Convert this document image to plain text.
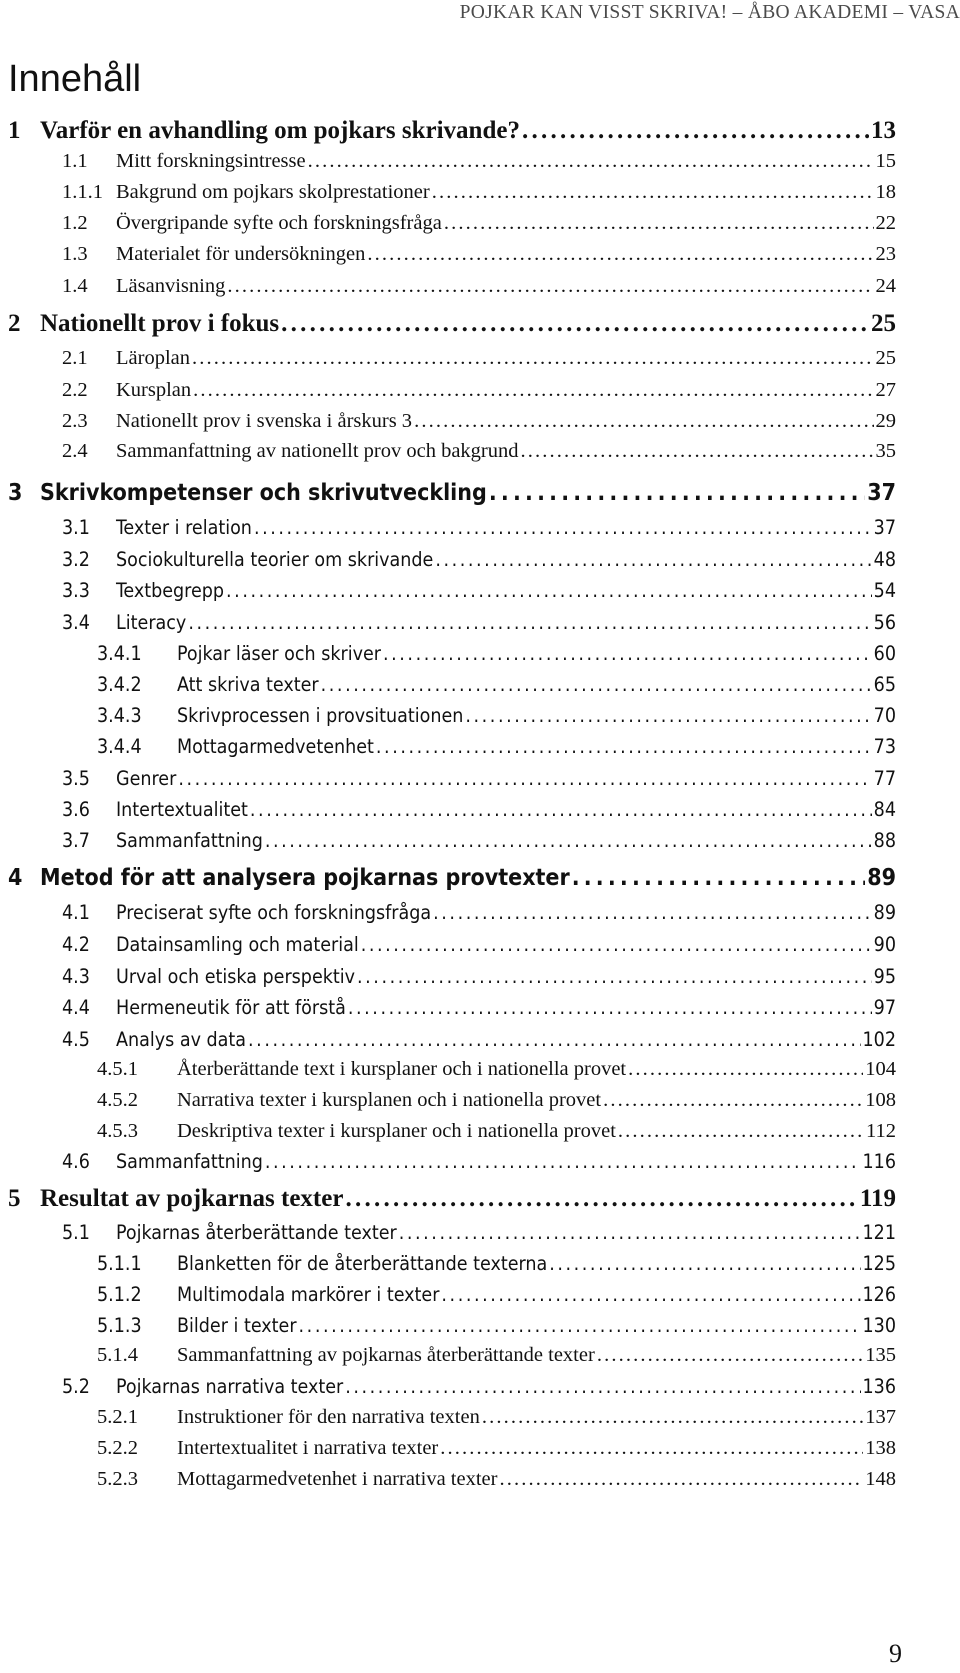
POJKAR KAN VISST SKRIVA! – ÅBO AKADEMI – VASA
Innehåll
1 Varför en avhandling om pojkars skrivande? . . .	13
1.1	Mitt forskningsintresse . . .	15
1.1.1 Bakgrund om pojkars skolprestationer . . .	18
1.2	Övergripande syfte och forskningsfråga . . .	22
1.3	Materialet för undersökningen . . .	23
1.4	Läsanvisning . . .	24
2 Nationellt prov i fokus . . .	25
2.1	Läroplan . . .	25
2.2	Kursplan . . .	27
2.3	Nationellt prov i svenska i årskurs 3 . . .	29
2.4	Sammanfattning av nationellt prov och bakgrund . . .	35
3 Skrivkompetenser och skrivutveckling . . .	37
3.1	Texter i relation . . .	37
3.2	Sociokulturella teorier om skrivande . . .	48
3.3	Textbegrepp . . .	54
3.4	Literacy . . .	56
3.4.1	Pojkar läser och skriver . . .	60
3.4.2	Att skriva texter . . .	65
3.4.3	Skrivprocessen i provsituationen . . .	70
3.4.4	Mottagarmedvetenhet . . .	73
3.5	Genrer . . .	77
3.6	Intertextualitet . . .	84
3.7	Sammanfattning . . .	88
4 Metod för att analysera pojkarnas provtexter . . .	89
4.1	Preciserat syfte och forskningsfråga . . .	89
4.2	Datainsamling och material . . .	90
4.3	Urval och etiska perspektiv . . .	95
4.4	Hermeneutik för att förstå . . .	97
4.5	Analys av data . . .	102
4.5.1	Återberättande text i kursplaner och i nationella provet . . .	104
4.5.2	Narrativa texter i kursplanen och i nationella provet . . .	108
4.5.3	Deskriptiva texter i kursplaner och i nationella provet . . .	112
4.6	Sammanfattning . . .	116
5 Resultat av pojkarnas texter . . .	119
5.1	Pojkarnas återberättande texter . . .	121
5.1.1	Blanketten för de återberättande texterna . . .	125
5.1.2	Multimodala markörer i texter . . .	126
5.1.3	Bilder i texter . . .	130
5.1.4	Sammanfattning av pojkarnas återberättande texter . . .	135
5.2	Pojkarnas narrativa texter . . .	136
5.2.1	Instruktioner för den narrativa texten . . .	137
5.2.2	Intertextualitet i narrativa texter . . .	138
5.2.3	Mottagarmedvetenhet i narrativa texter . . .	148
9
